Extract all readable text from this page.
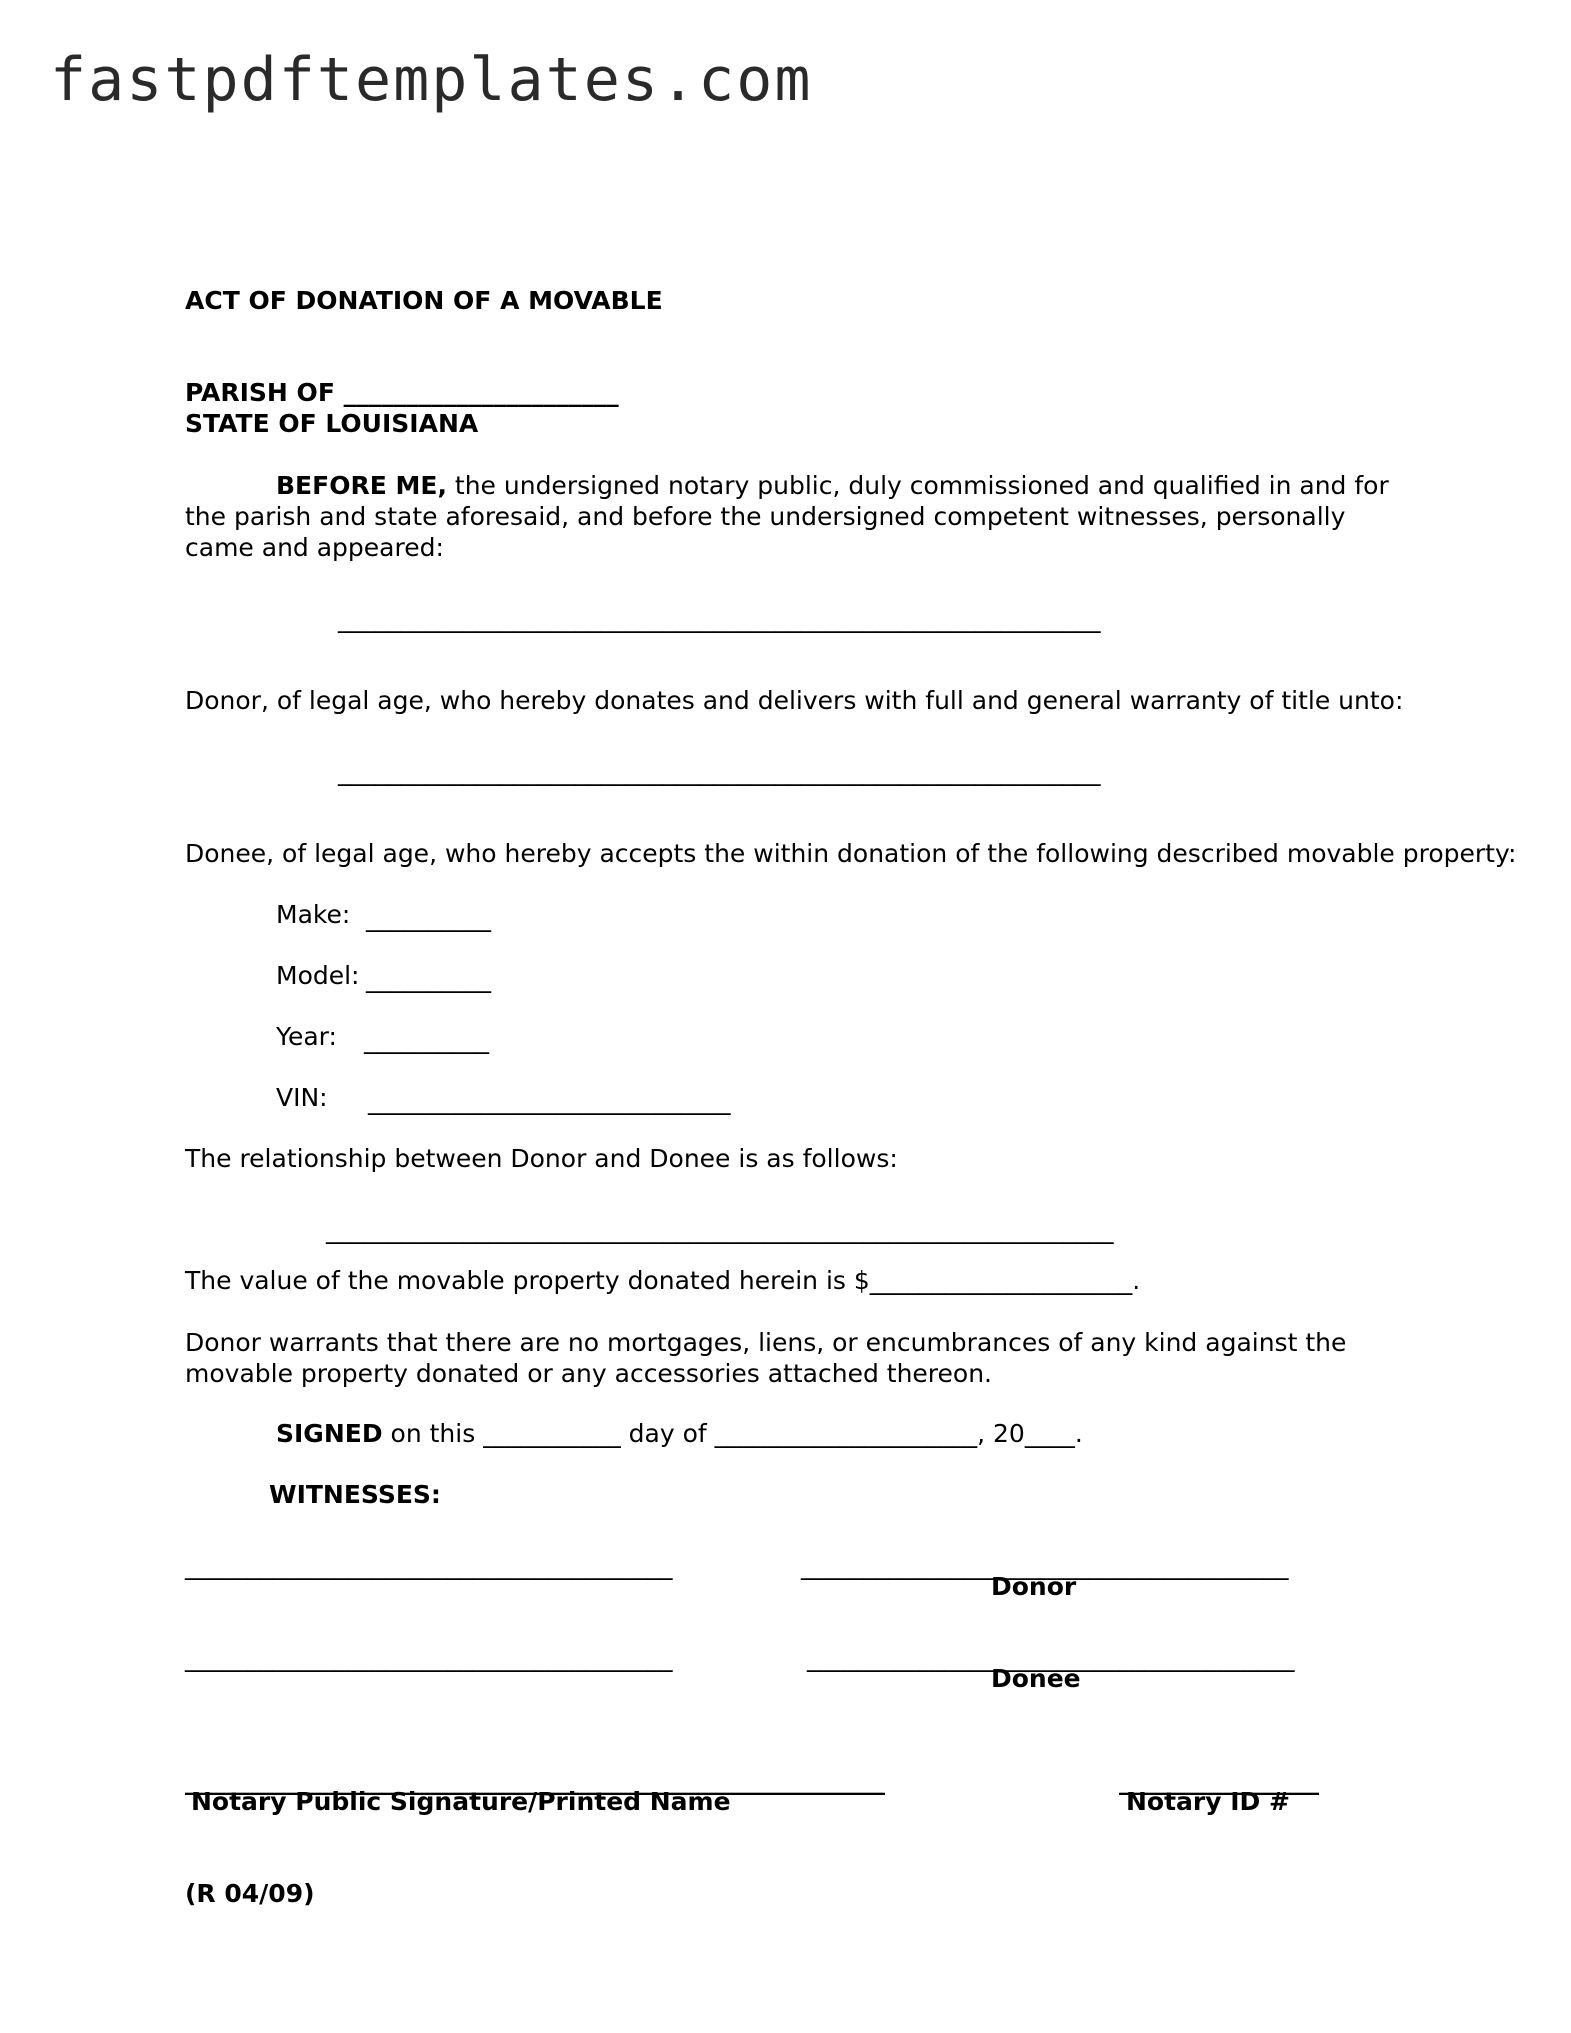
fastpdftemplates.com
ACT OF DONATION OF A MOVABLE
PARISH OF ______________________
STATE OF LOUISIANA
BEFORE ME, the undersigned notary public, duly commissioned and qualified in and for the parish and state aforesaid, and before the undersigned competent witnesses, personally came and appeared:
_____________________________________________________________
Donor, of legal age, who hereby donates and delivers with full and general warranty of title unto:
_____________________________________________________________
Donee, of legal age, who hereby accepts the within donation of the following described movable property:
Make: __________
Model: __________
Year: __________
VIN: _____________________________
The relationship between Donor and Donee is as follows:
_______________________________________________________________
The value of the movable property donated herein is $_____________________.
Donor warrants that there are no mortgages, liens, or encumbrances of any kind against the movable property donated or any accessories attached thereon.
SIGNED on this ___________ day of _____________________, 20____.
WITNESSES:
_______________________________________	_______________________________________
Donor
_______________________________________	_______________________________________
Donee
________________________________________________________	________________
Notary Public Signature/Printed Name	Notary ID #
(R 04/09)
